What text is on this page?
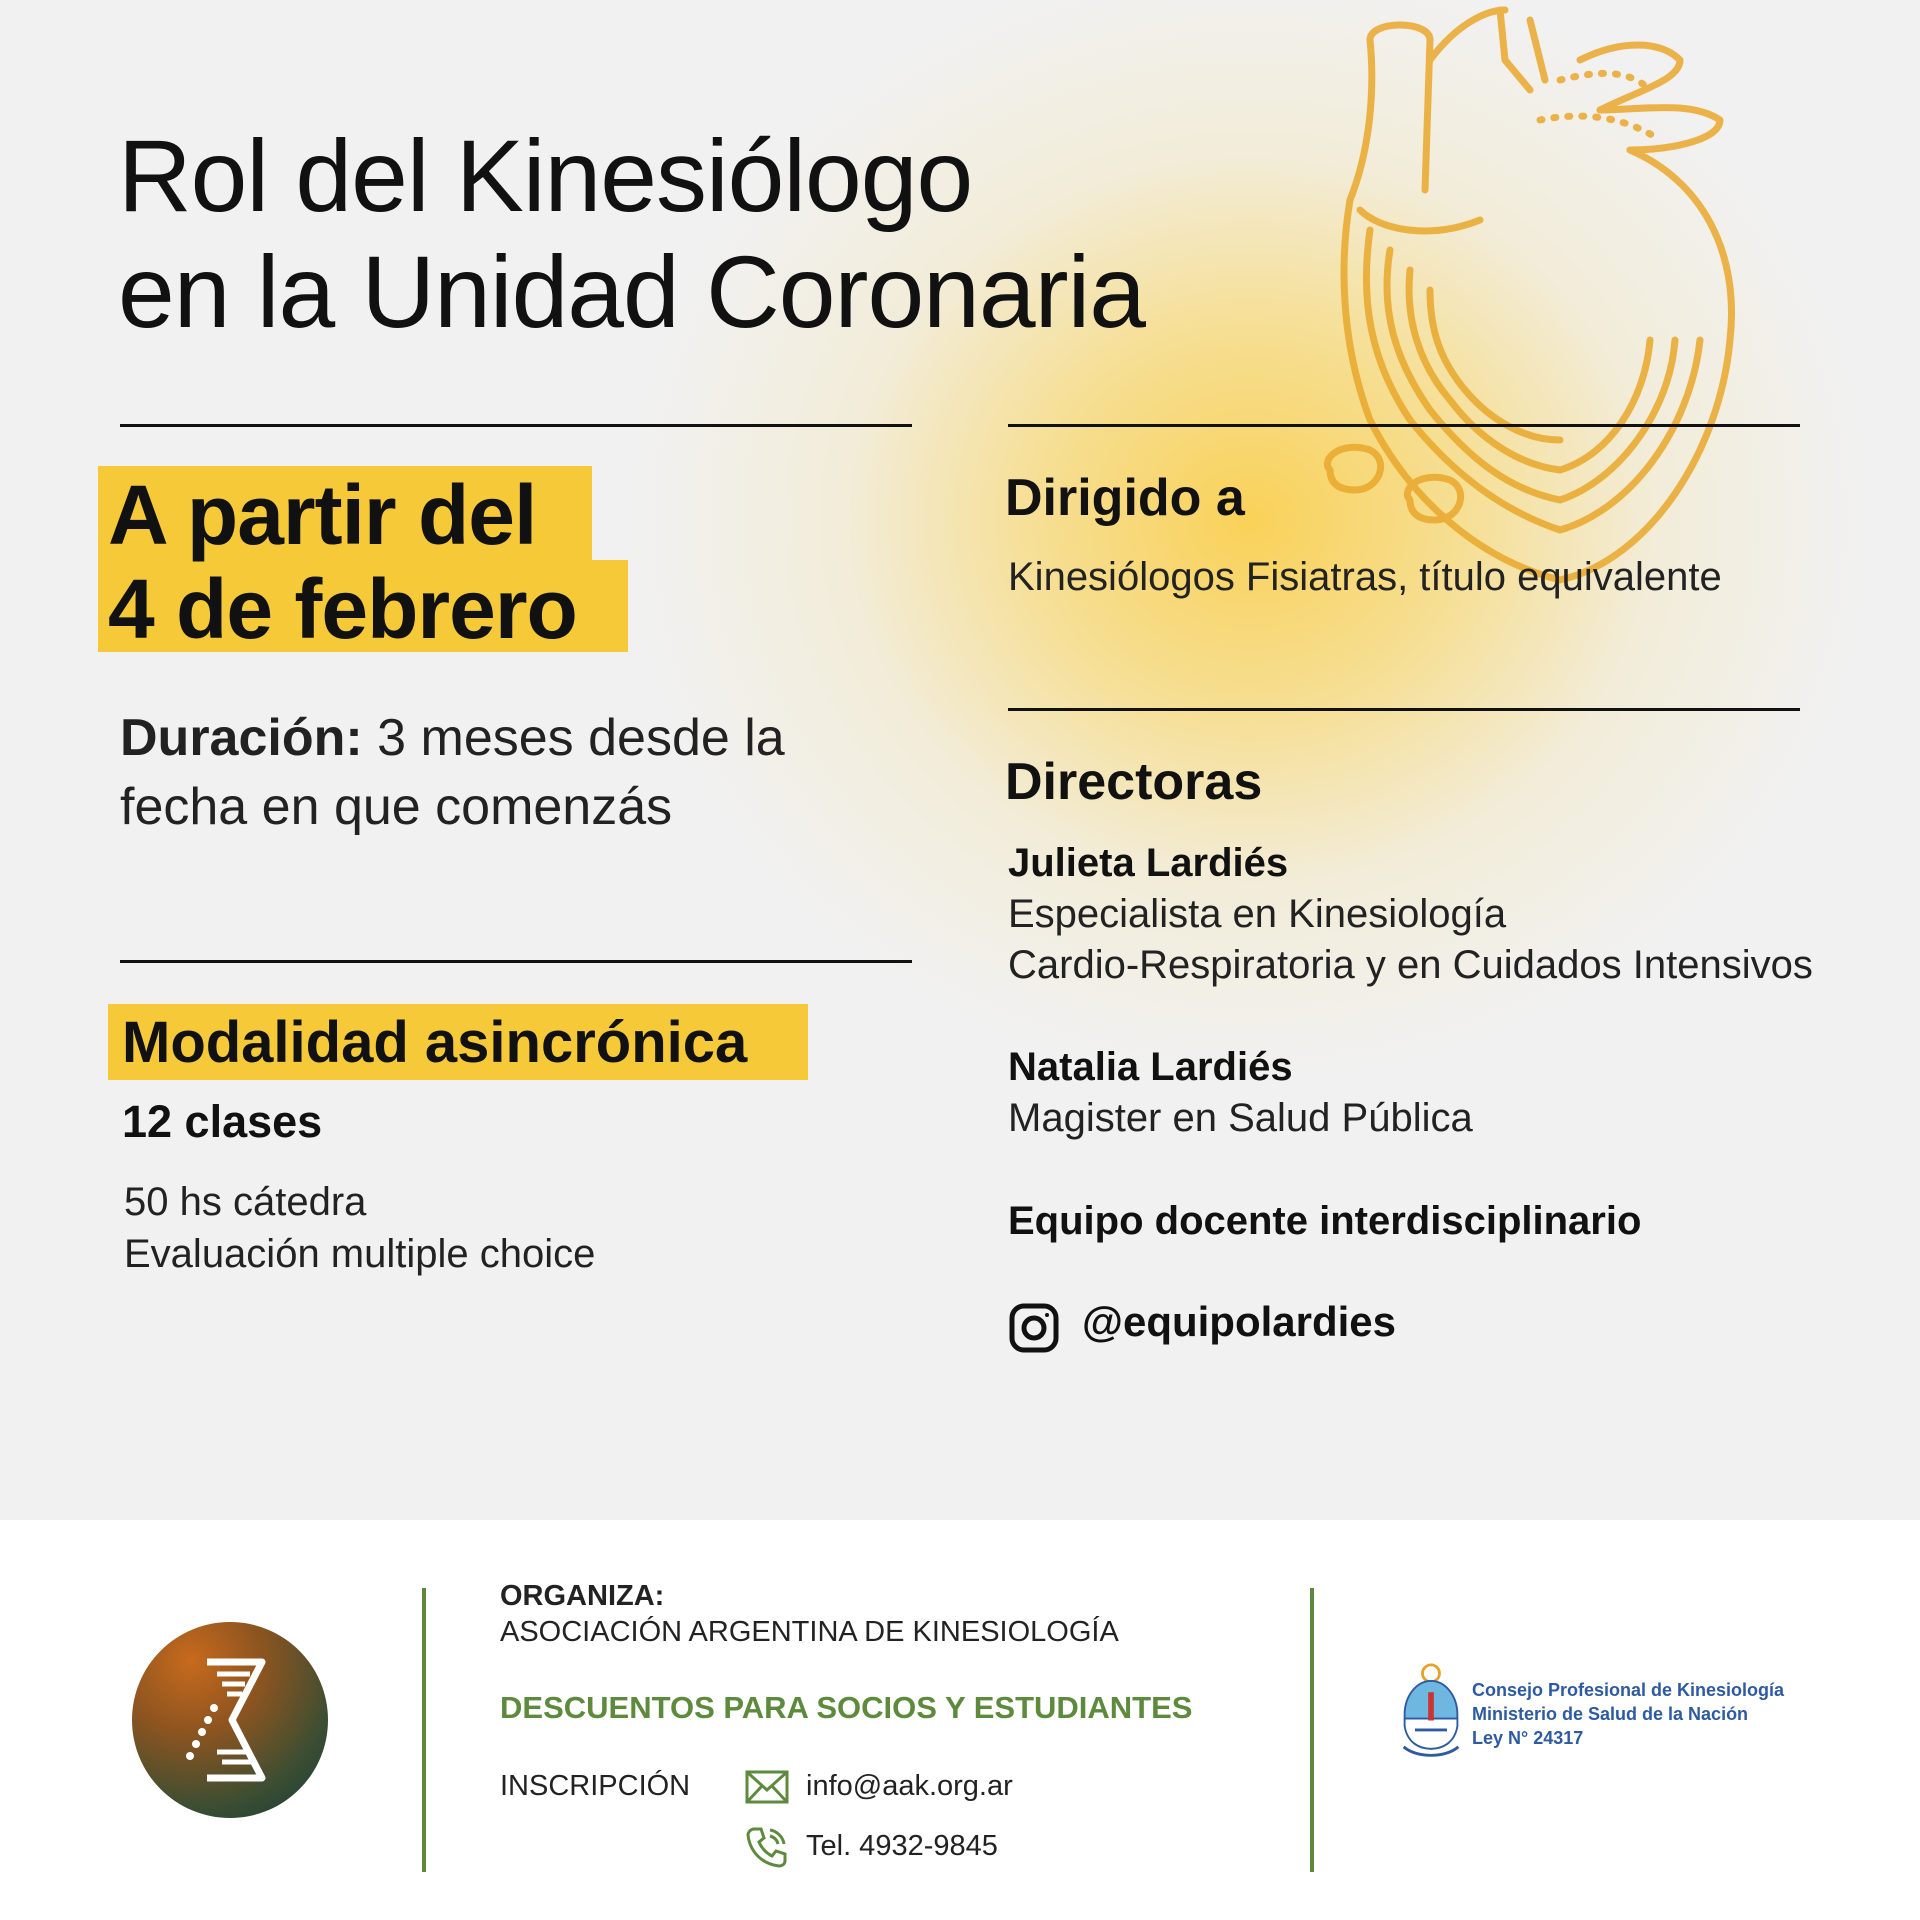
Rol del Kinesiólogo
en la Unidad Coronaria

A partir del
4 de febrero

Duración: 3 meses desde la
fecha en que comenzás

Modalidad asincrónica

12 clases

50 hs cátedra

Evaluación multiple choice

Dirigido a

Kinesiólogos Fisiatras, título equivalente

Directoras

Julieta Lardiés

Especialista en Kinesiología

Cardio-Respiratoria y en Cuidados Intensivos

Natalia Lardiés

Magister en Salud Pública

Equipo docente interdisciplinario

@equipolardies

ORGANIZA:

ASOCIACIÓN ARGENTINA DE KINESIOLOGÍA

DESCUENTOS PARA SOCIOS Y ESTUDIANTES

INSCRIPCIÓN	info@aak.org.ar

Tel. 4932-9845

Consejo Profesional de Kinesiología

Ministerio de Salud de la Nación

Ley N° 24317
